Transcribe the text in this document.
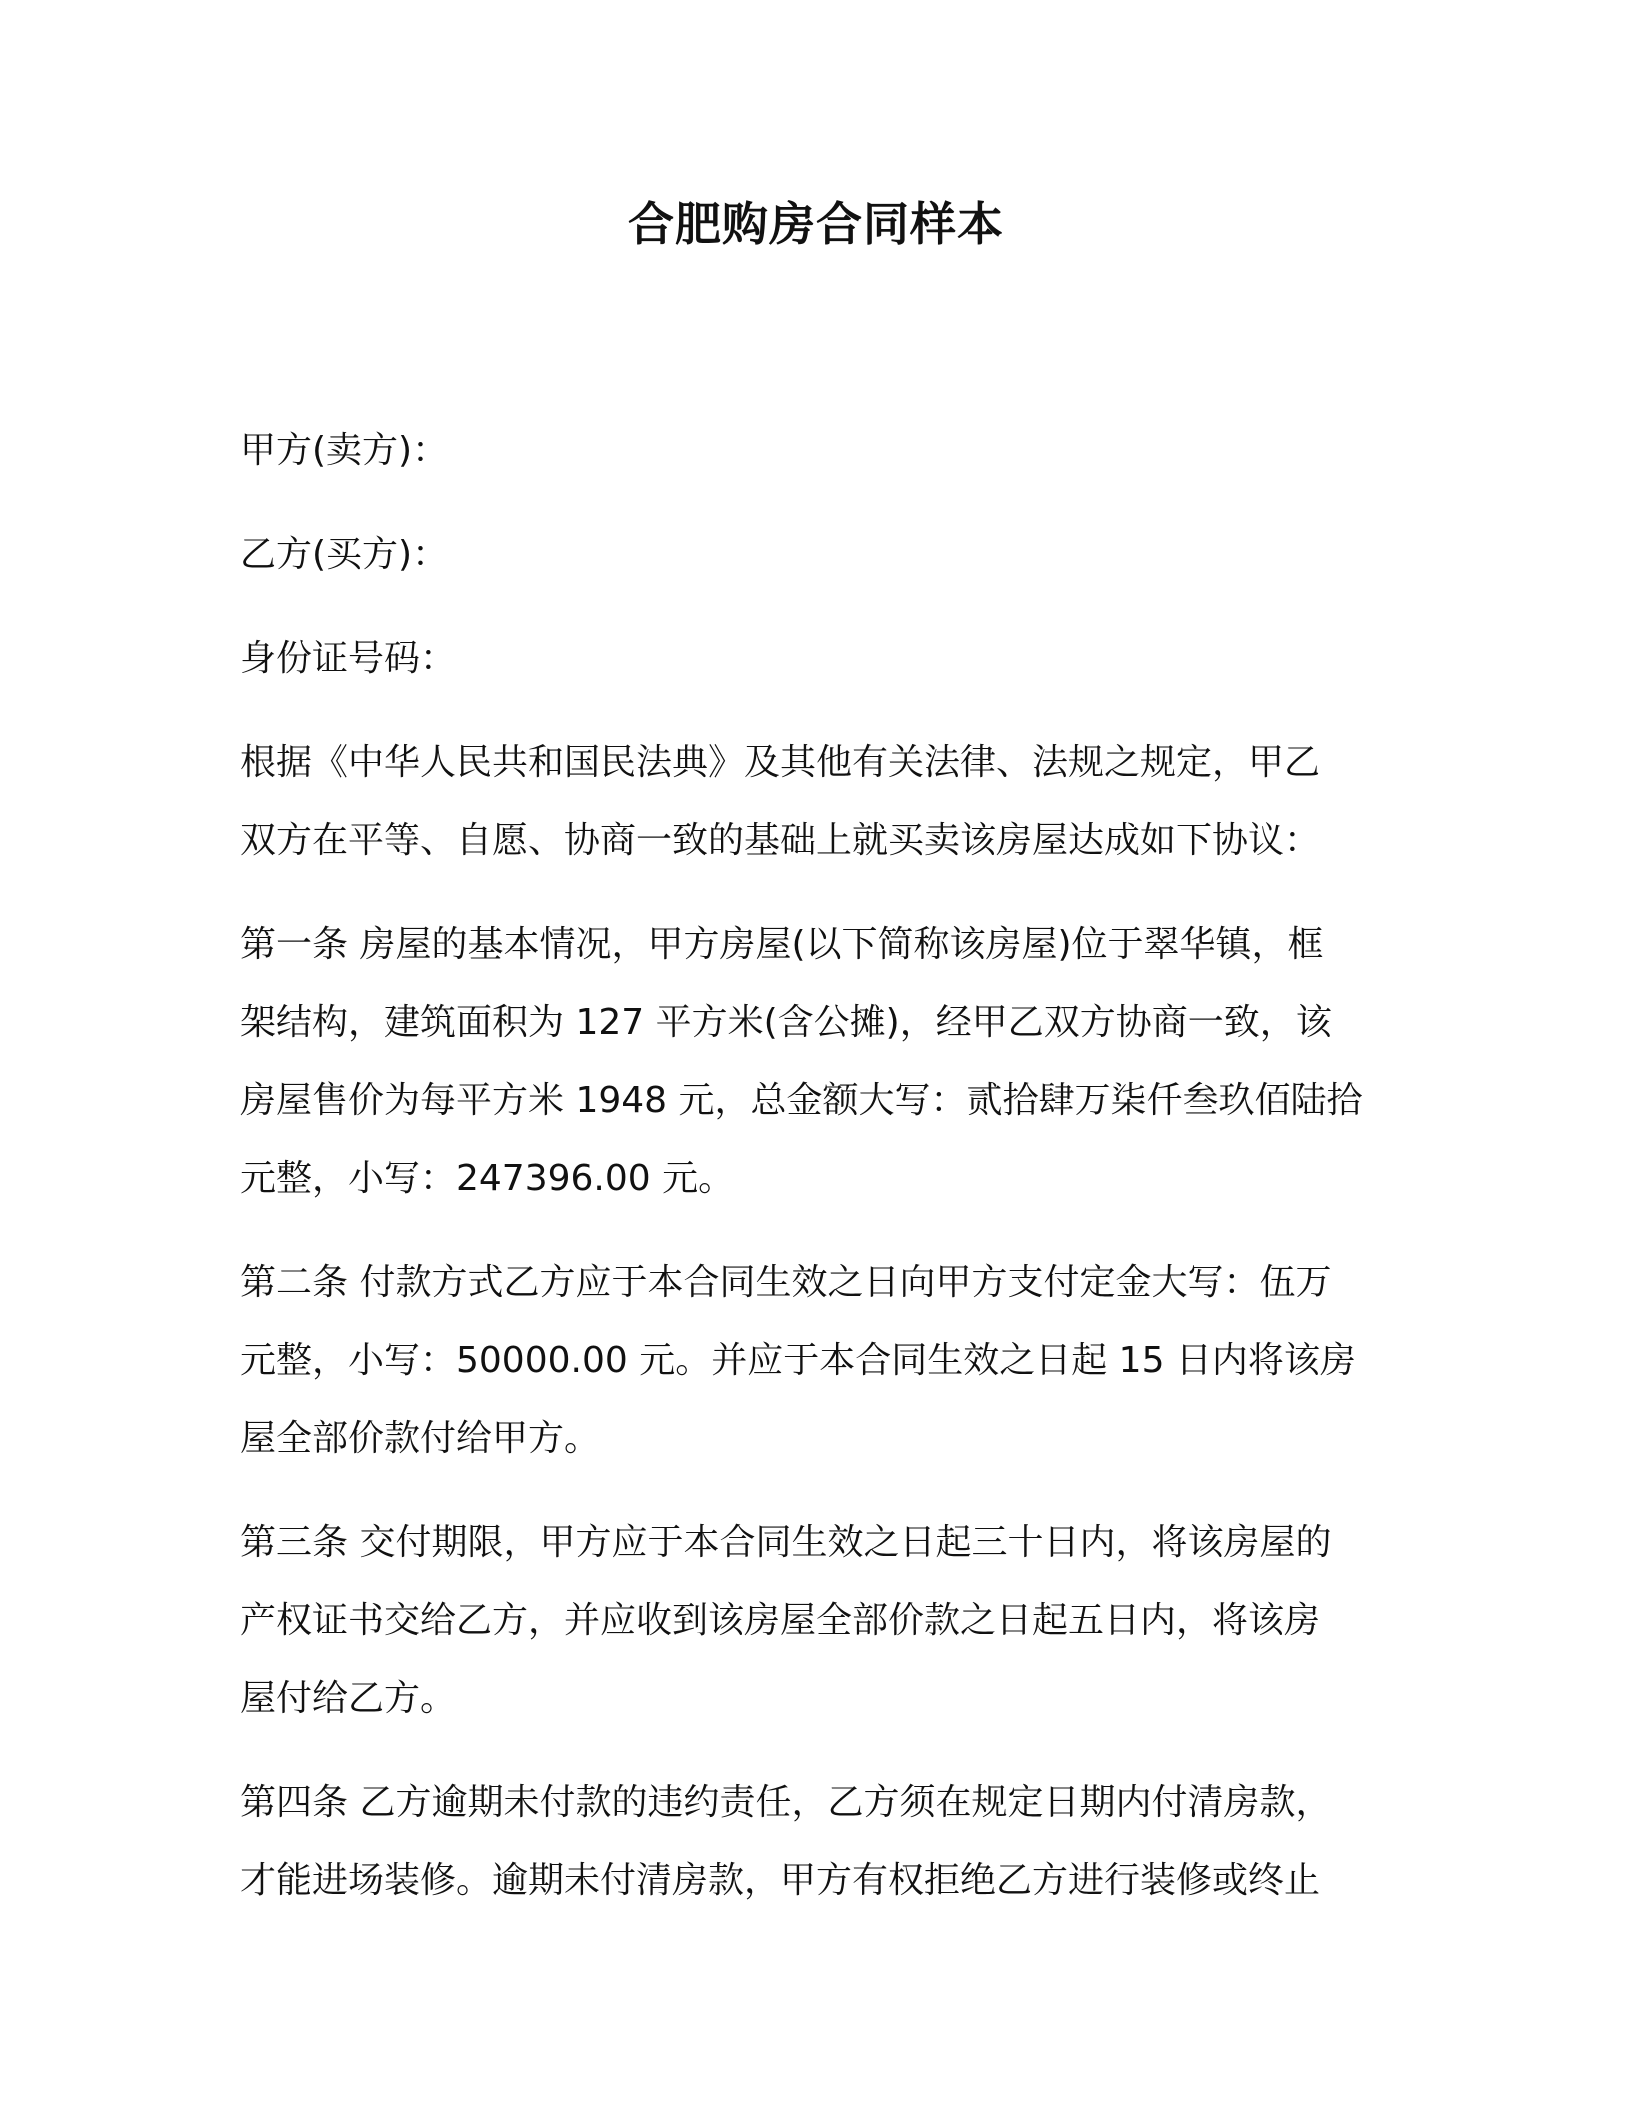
合肥购房合同样本

甲方(卖方)：

乙方(买方)：

身份证号码：

根据《中华人民共和国民法典》及其他有关法律、法规之规定，甲乙

双方在平等、自愿、协商一致的基础上就买卖该房屋达成如下协议：

第一条 房屋的基本情况，甲方房屋(以下简称该房屋)位于翠华镇，框

架结构，建筑面积为 127 平方米(含公摊)，经甲乙双方协商一致，该

房屋售价为每平方米 1948 元，总金额大写：贰拾肆万柒仟叁玖佰陆拾

元整，小写：247396.00 元。

第二条 付款方式乙方应于本合同生效之日向甲方支付定金大写：伍万

元整，小写：50000.00 元。并应于本合同生效之日起 15 日内将该房

屋全部价款付给甲方。

第三条 交付期限，甲方应于本合同生效之日起三十日内，将该房屋的

产权证书交给乙方，并应收到该房屋全部价款之日起五日内，将该房

屋付给乙方。

第四条 乙方逾期未付款的违约责任，乙方须在规定日期内付清房款，

才能进场装修。逾期未付清房款，甲方有权拒绝乙方进行装修或终止
